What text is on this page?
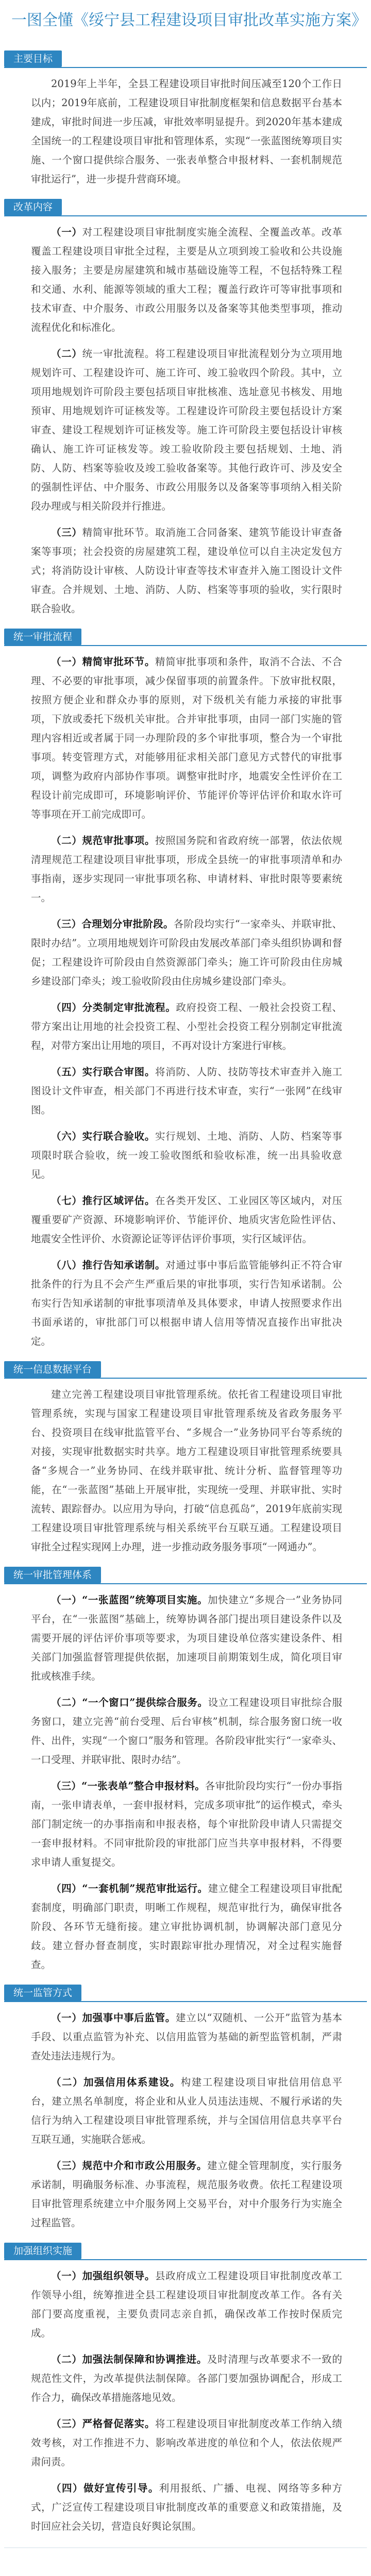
一图全懂《绥宁县工程建设项目审批改革实施方案》
主要目标

2019年上半年，全县工程建设项目审批时间压减至120个工作日以内；2019年底前，工程建设项目审批制度框架和信息数据平台基本建成，审批时间进一步压减，审批效率明显提升。到2020年基本建成全国统一的工程建设项目审批和管理体系，实现“一张蓝图统筹项目实施、一个窗口提供综合服务、一张表单整合申报材料、一套机制规范审批运行”，进一步提升营商环境。

改革内容

（一）对工程建设项目审批制度实施全流程、全覆盖改革。改革覆盖工程建设项目审批全过程，主要是从立项到竣工验收和公共设施接入服务；主要是房屋建筑和城市基础设施等工程，不包括特殊工程和交通、水利、能源等领域的重大工程；覆盖行政许可等审批事项和技术审查、中介服务、市政公用服务以及备案等其他类型事项，推动流程优化和标准化。

（二）统一审批流程。将工程建设项目审批流程划分为立项用地规划许可、工程建设许可、施工许可、竣工验收四个阶段。其中，立项用地规划许可阶段主要包括项目审批核准、选址意见书核发、用地预审、用地规划许可证核发等。工程建设许可阶段主要包括设计方案审查、建设工程规划许可证核发等。施工许可阶段主要包括设计审核确认、施工许可证核发等。竣工验收阶段主要包括规划、土地、消防、人防、档案等验收及竣工验收备案等。其他行政许可、涉及安全的强制性评估、中介服务、市政公用服务以及备案等事项纳入相关阶段办理或与相关阶段并行推进。

（三）精简审批环节。取消施工合同备案、建筑节能设计审查备案等事项；社会投资的房屋建筑工程，建设单位可以自主决定发包方式；将消防设计审核、人防设计审查等技术审查并入施工图设计文件审查。合并规划、土地、消防、人防、档案等事项的验收，实行限时联合验收。

统一审批流程

（一）精简审批环节。精简审批事项和条件，取消不合法、不合理、不必要的审批事项，减少保留事项的前置条件。下放审批权限，按照方便企业和群众办事的原则，对下级机关有能力承接的审批事项，下放或委托下级机关审批。合并审批事项，由同一部门实施的管理内容相近或者属于同一办理阶段的多个审批事项，整合为一个审批事项。转变管理方式，对能够用征求相关部门意见方式替代的审批事项，调整为政府内部协作事项。调整审批时序，地震安全性评价在工程设计前完成即可，环境影响评价、节能评价等评估评价和取水许可等事项在开工前完成即可。

（二）规范审批事项。按照国务院和省政府统一部署，依法依规清理规范工程建设项目审批事项，形成全县统一的审批事项清单和办事指南，逐步实现同一审批事项名称、申请材料、审批时限等要素统一。

（三）合理划分审批阶段。各阶段均实行“一家牵头、并联审批、限时办结”。立项用地规划许可阶段由发展改革部门牵头组织协调和督促；工程建设许可阶段由自然资源部门牵头；施工许可阶段由住房城乡建设部门牵头；竣工验收阶段由住房城乡建设部门牵头。

（四）分类制定审批流程。政府投资工程、一般社会投资工程、带方案出让用地的社会投资工程、小型社会投资工程分别制定审批流程，对带方案出让用地的项目，不再对设计方案进行审核。

（五）实行联合审图。将消防、人防、技防等技术审查并入施工图设计文件审查，相关部门不再进行技术审查，实行“一张网”在线审图。

（六）实行联合验收。实行规划、土地、消防、人防、档案等事项限时联合验收，统一竣工验收图纸和验收标准，统一出具验收意见。

（七）推行区域评估。在各类开发区、工业园区等区域内，对压覆重要矿产资源、环境影响评价、节能评价、地质灾害危险性评估、地震安全性评价、水资源论证等评估评价事项，实行区域评估。

（八）推行告知承诺制。对通过事中事后监管能够纠正不符合审批条件的行为且不会产生严重后果的审批事项，实行告知承诺制。公布实行告知承诺制的审批事项清单及具体要求，申请人按照要求作出书面承诺的，审批部门可以根据申请人信用等情况直接作出审批决定。

统一信息数据平台

建立完善工程建设项目审批管理系统。依托省工程建设项目审批管理系统，实现与国家工程建设项目审批管理系统及省政务服务平台、投资项目在线审批监管平台、“多规合一”业务协同平台等系统的对接，实现审批数据实时共享。地方工程建设项目审批管理系统要具备“多规合一”业务协同、在线并联审批、统计分析、监督管理等功能，在“一张蓝图”基础上开展审批，实现统一受理、并联审批、实时流转、跟踪督办。以应用为导向，打破“信息孤岛”，2019年底前实现工程建设项目审批管理系统与相关系统平台互联互通。工程建设项目审批全过程实现网上办理，进一步推动政务服务事项“一网通办”。

统一审批管理体系

（一）“一张蓝图”统筹项目实施。加快建立“多规合一”业务协同平台，在“一张蓝图”基础上，统筹协调各部门提出项目建设条件以及需要开展的评估评价事项等要求，为项目建设单位落实建设条件、相关部门加强监督管理提供依据，加速项目前期策划生成，简化项目审批或核准手续。

（二）“一个窗口”提供综合服务。设立工程建设项目审批综合服务窗口，建立完善“前台受理、后台审核”机制，综合服务窗口统一收件、出件，实现“一个窗口”服务和管理。各阶段审批实行“一家牵头、一口受理、并联审批、限时办结”。

（三）“一张表单”整合申报材料。各审批阶段均实行“一份办事指南，一张申请表单，一套申报材料，完成多项审批”的运作模式，牵头部门制定统一的办事指南和申报表格，每个审批阶段申请人只需提交一套申报材料。不同审批阶段的审批部门应当共享申报材料，不得要求申请人重复提交。

（四）“一套机制”规范审批运行。建立健全工程建设项目审批配套制度，明确部门职责，明晰工作规程，规范审批行为，确保审批各阶段、各环节无缝衔接。建立审批协调机制，协调解决部门意见分歧。建立督办督查制度，实时跟踪审批办理情况，对全过程实施督查。

统一监管方式

（一）加强事中事后监管。建立以“双随机、一公开”监管为基本手段、以重点监管为补充、以信用监管为基础的新型监管机制，严肃查处违法违规行为。

（二）加强信用体系建设。构建工程建设项目审批信用信息平台，建立黑名单制度，将企业和从业人员违法违规、不履行承诺的失信行为纳入工程建设项目审批管理系统，并与全国信用信息共享平台互联互通，实施联合惩戒。

（三）规范中介和市政公用服务。建立健全管理制度，实行服务承诺制，明确服务标准、办事流程，规范服务收费。依托工程建设项目审批管理系统建立中介服务网上交易平台，对中介服务行为实施全过程监管。

加强组织实施

（一）加强组织领导。县政府成立工程建设项目审批制度改革工作领导小组，统筹推进全县工程建设项目审批制度改革工作。各有关部门要高度重视，主要负责同志亲自抓，确保改革工作按时保质完成。

（二）加强法制保障和协调推进。及时清理与改革要求不一致的规范性文件，为改革提供法制保障。各部门要加强协调配合，形成工作合力，确保改革措施落地见效。

（三）严格督促落实。将工程建设项目审批制度改革工作纳入绩效考核，对工作推进不力、影响改革进度的单位和个人，依法依规严肃问责。

（四）做好宣传引导。利用报纸、广播、电视、网络等多种方式，广泛宣传工程建设项目审批制度改革的重要意义和政策措施，及时回应社会关切，营造良好舆论氛围。
